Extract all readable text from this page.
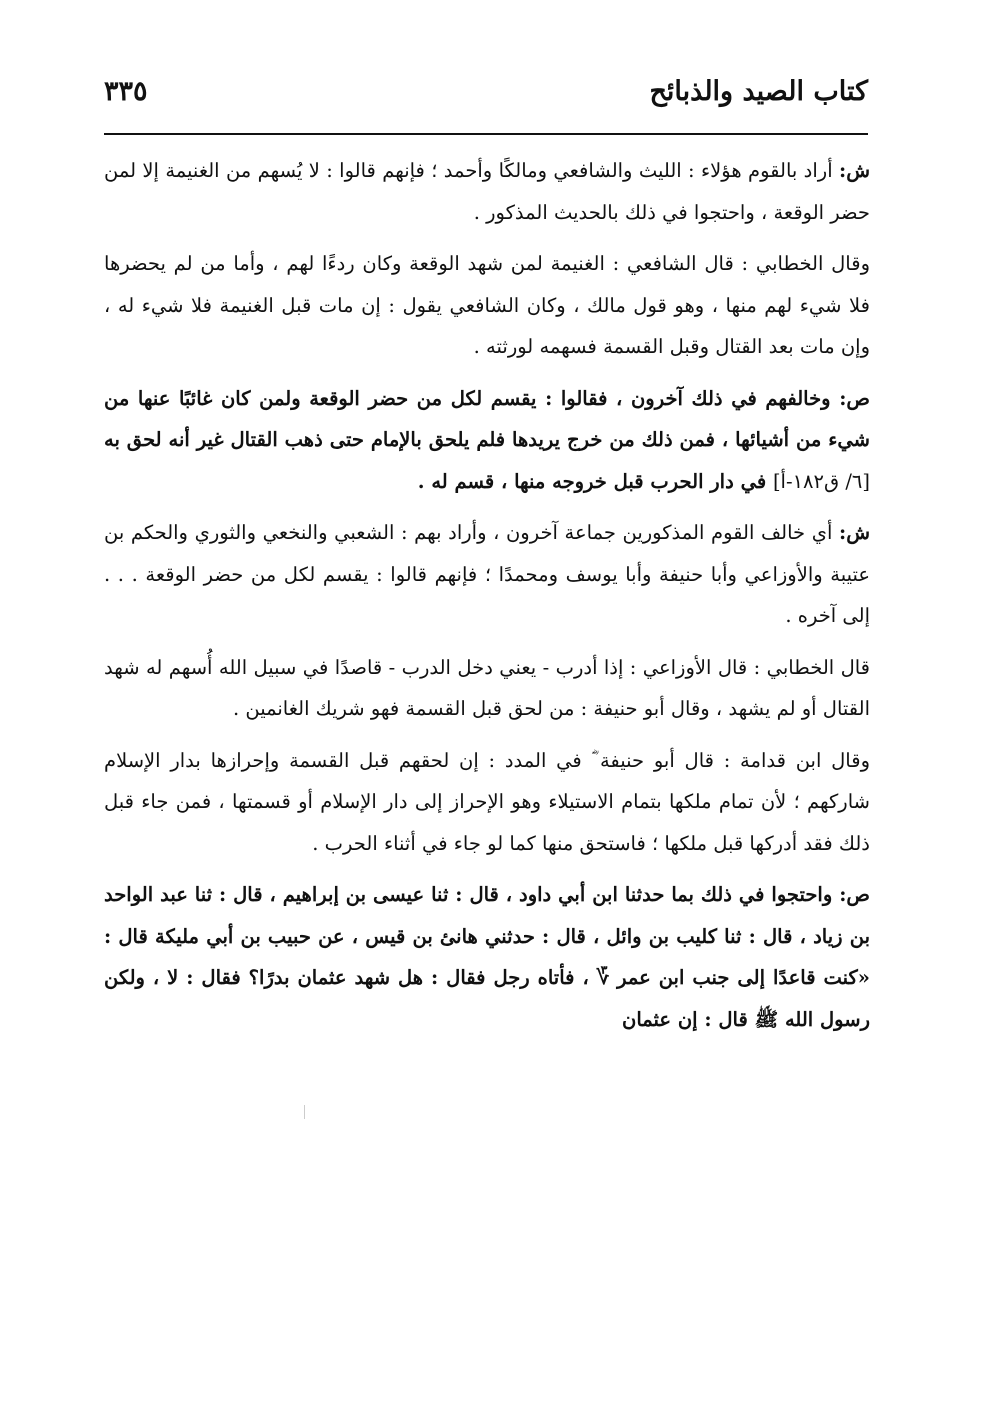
كتاب الصيد والذبائح
٣٣٥

ش: أراد بالقوم هؤلاء : الليث والشافعي ومالكًا وأحمد ؛ فإنهم قالوا : لا يُسهم من الغنيمة إلا لمن حضر الوقعة ، واحتجوا في ذلك بالحديث المذكور .

وقال الخطابي : قال الشافعي : الغنيمة لمن شهد الوقعة وكان ردءًا لهم ، وأما من لم يحضرها فلا شيء لهم منها ، وهو قول مالك ، وكان الشافعي يقول : إن مات قبل الغنيمة فلا شيء له ، وإن مات بعد القتال وقبل القسمة فسهمه لورثته .

ص: وخالفهم في ذلك آخرون ، فقالوا : يقسم لكل من حضر الوقعة ولمن كان غائبًا عنها من شيء من أشيائها ، فمن ذلك من خرج يريدها فلم يلحق بالإمام حتى ذهب القتال غير أنه لحق به [٦/ ق١٨٢-أ] في دار الحرب قبل خروجه منها ، قسم له .

ش: أي خالف القوم المذكورين جماعة آخرون ، وأراد بهم : الشعبي والنخعي والثوري والحكم بن عتيبة والأوزاعي وأبا حنيفة وأبا يوسف ومحمدًا ؛ فإنهم قالوا : يقسم لكل من حضر الوقعة . . . إلى آخره .

قال الخطابي : قال الأوزاعي : إذا أدرب - يعني دخل الدرب - قاصدًا في سبيل الله أُسهم له شهد القتال أو لم يشهد ، وقال أبو حنيفة : من لحق قبل القسمة فهو شريك الغانمين .

وقال ابن قدامة : قال أبو حنيفة ؓ في المدد : إن لحقهم قبل القسمة وإحرازها بدار الإسلام شاركهم ؛ لأن تمام ملكها بتمام الاستيلاء وهو الإحراز إلى دار الإسلام أو قسمتها ، فمن جاء قبل ذلك فقد أدركها قبل ملكها ؛ فاستحق منها كما لو جاء في أثناء الحرب .

ص: واحتجوا في ذلك بما حدثنا ابن أبي داود ، قال : ثنا عيسى بن إبراهيم ، قال : ثنا عبد الواحد بن زياد ، قال : ثنا كليب بن وائل ، قال : حدثني هانئ بن قيس ، عن حبيب بن أبي مليكة قال : «كنت قاعدًا إلى جنب ابن عمر ؆ ، فأتاه رجل فقال : هل شهد عثمان بدرًا؟ فقال : لا ، ولكن رسول الله ﷺ قال : إن عثمان
